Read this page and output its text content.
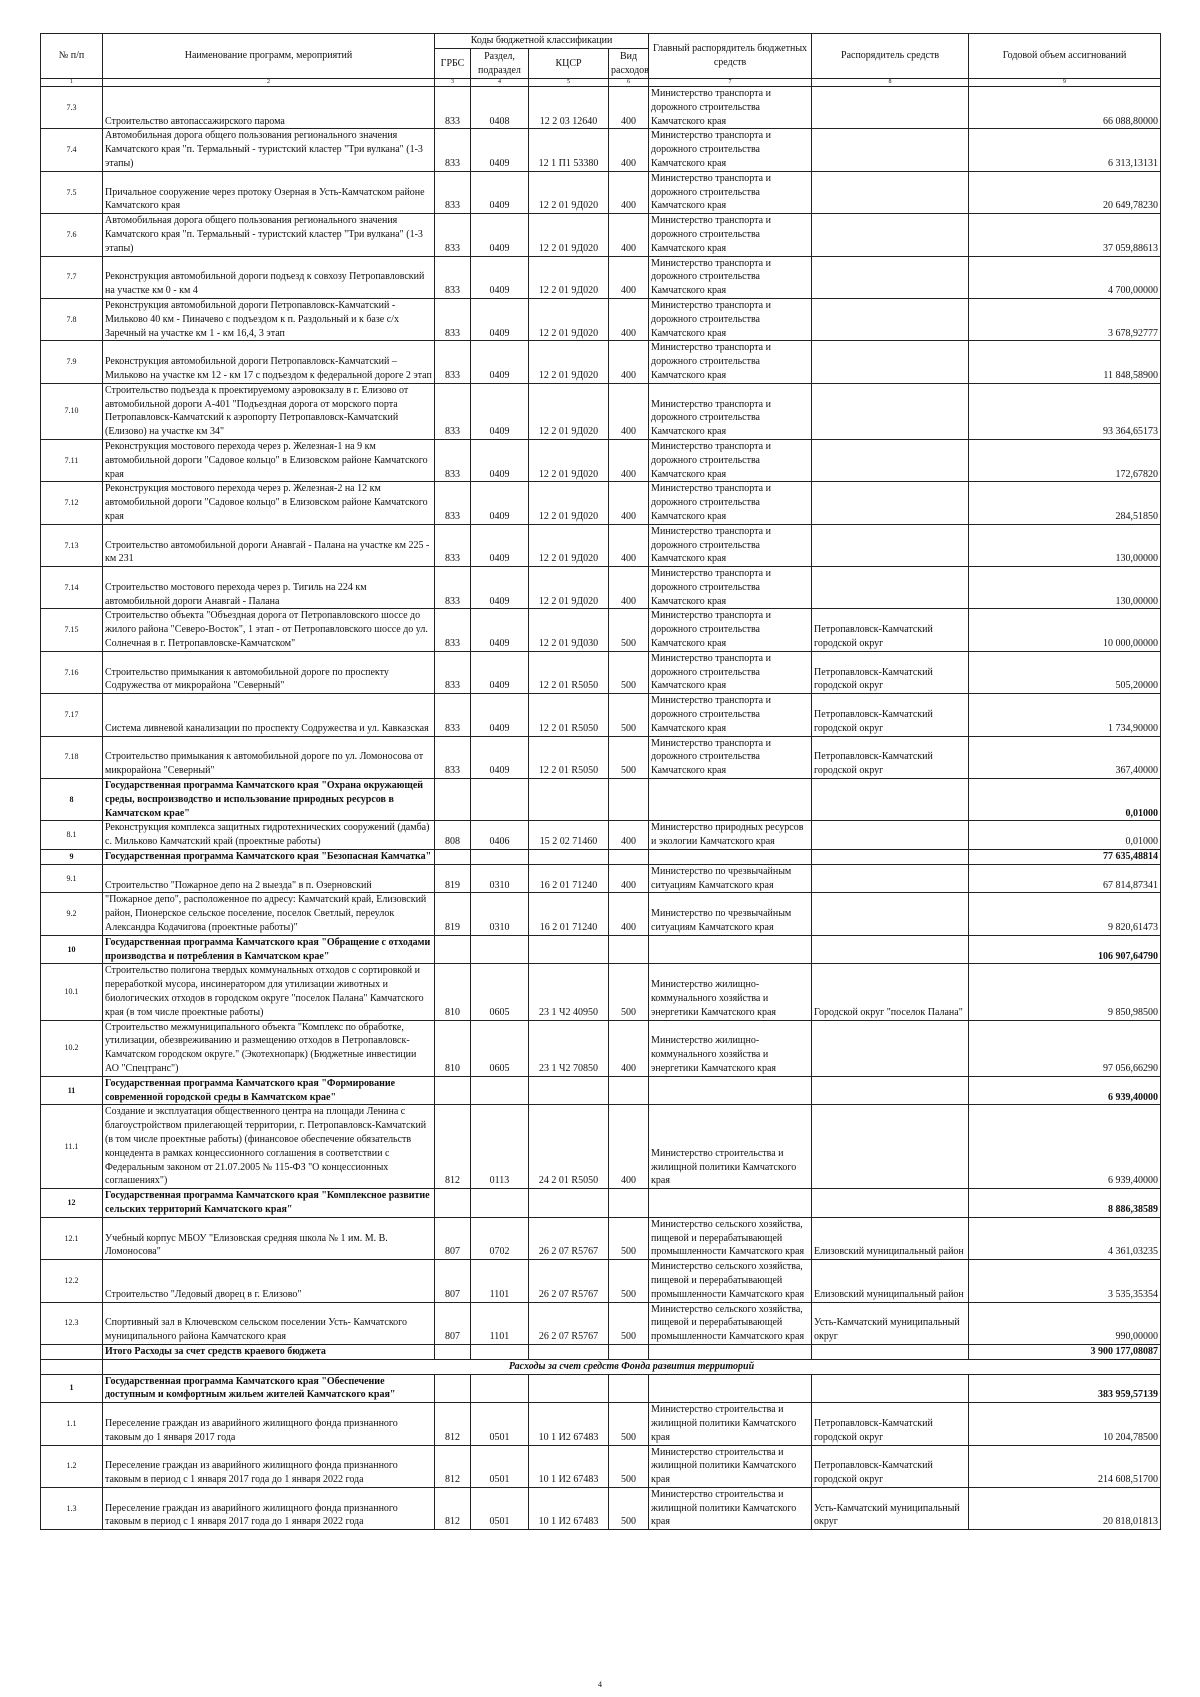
№ п/п	Наименование программ, мероприятий	Коды бюджетной классификации				Главный распорядитель бюджетных средств	Распорядитель средств	Годовой объем ассигнований
		ГРБС	Раздел, подраздел	КЦСР	Вид расходов			
1	2	3	4	5	6	7	8	9
7.3	Строительство автопассажирского парома	833	0408	12 2 03 12640	400	Министерство транспорта и дорожного строительства Камчатского края		66 088,80000
7.4	Автомобильная дорога общего пользования регионального значения Камчатского края "п. Термальный - туристский кластер "Три вулкана" (1-3 этапы)	833	0409	12 1 П1 53380	400	Министерство транспорта и дорожного строительства Камчатского края		6 313,13131
7.5	Причальное сооружение через протоку Озерная в Усть-Камчатском районе Камчатского края	833	0409	12 2 01 9Д020	400	Министерство транспорта и дорожного строительства Камчатского края		20 649,78230
7.6	Автомобильная дорога общего пользования регионального значения Камчатского края "п. Термальный - туристский кластер "Три вулкана" (1-3 этапы)	833	0409	12 2 01 9Д020	400	Министерство транспорта и дорожного строительства Камчатского края		37 059,88613
7.7	Реконструкция автомобильной дороги подъезд к совхозу Петропавловский на участке км 0 - км 4	833	0409	12 2 01 9Д020	400	Министерство транспорта и дорожного строительства Камчатского края		4 700,00000
7.8	Реконструкция автомобильной дороги Петропавловск-Камчатский - Мильково 40 км - Пиначево с подъездом к п. Раздольный и к базе с/х Заречный на участке км 1 - км 16,4, 3 этап	833	0409	12 2 01 9Д020	400	Министерство транспорта и дорожного строительства Камчатского края		3 678,92777
7.9	Реконструкция автомобильной дороги Петропавловск-Камчатский – Мильково на участке км 12 - км 17 с подъездом к федеральной дороге 2 этап	833	0409	12 2 01 9Д020	400	Министерство транспорта и дорожного строительства Камчатского края		11 848,58900
7.10	Строительство подъезда к проектируемому аэровокзалу в г. Елизово от автомобильной дороги А-401 "Подъездная дорога от морского порта Петропавловск-Камчатский к аэропорту Петропавловск-Камчатский (Елизово) на участке км 34"	833	0409	12 2 01 9Д020	400	Министерство транспорта и дорожного строительства Камчатского края		93 364,65173
7.11	Реконструкция мостового перехода через р. Железная-1 на 9 км автомобильной дороги "Садовое кольцо" в Елизовском районе Камчатского края	833	0409	12 2 01 9Д020	400	Министерство транспорта и дорожного строительства Камчатского края		172,67820
7.12	Реконструкция мостового перехода через р. Железная-2 на 12 км автомобильной дороги "Садовое кольцо" в Елизовском районе Камчатского края	833	0409	12 2 01 9Д020	400	Министерство транспорта и дорожного строительства Камчатского края		284,51850
7.13	Строительство автомобильной дороги Анавгай - Палана на участке км 225 - км 231	833	0409	12 2 01 9Д020	400	Министерство транспорта и дорожного строительства Камчатского края		130,00000
7.14	Строительство мостового перехода через р. Тигиль на 224 км автомобильной дороги Анавгай - Палана	833	0409	12 2 01 9Д020	400	Министерство транспорта и дорожного строительства Камчатского края		130,00000
7.15	Строительство объекта "Объездная дорога от Петропавловского шоссе до жилого района "Северо-Восток", 1 этап - от Петропавловского шоссе до ул. Солнечная в г. Петропавловске-Камчатском"	833	0409	12 2 01 9Д030	500	Министерство транспорта и дорожного строительства Камчатского края	Петропавловск-Камчатский городской округ	10 000,00000
7.16	Строительство примыкания к автомобильной дороге по проспекту Содружества от микрорайона "Северный"	833	0409	12 2 01 R5050	500	Министерство транспорта и дорожного строительства Камчатского края	Петропавловск-Камчатский городской округ	505,20000
7.17	Система ливневой канализации по проспекту Содружества и ул. Кавказская	833	0409	12 2 01 R5050	500	Министерство транспорта и дорожного строительства Камчатского края	Петропавловск-Камчатский городской округ	1 734,90000
7.18	Строительство примыкания к автомобильной дороге по ул. Ломоносова от микрорайона "Северный"	833	0409	12 2 01 R5050	500	Министерство транспорта и дорожного строительства Камчатского края	Петропавловск-Камчатский городской округ	367,40000
8	Государственная программа Камчатского края "Охрана окружающей среды, воспроизводство и использование природных ресурсов в Камчатском крае"							0,01000
8.1	Реконструкция комплекса защитных гидротехнических сооружений (дамба) с. Мильково Камчатский край (проектные работы)	808	0406	15 2 02 71460	400	Министерство природных ресурсов и экологии Камчатского края		0,01000
9	Государственная программа Камчатского края "Безопасная Камчатка"							77 635,48814
9.1	Строительство "Пожарное депо на 2 выезда" в п. Озерновский	819	0310	16 2 01 71240	400	Министерство по чрезвычайным ситуациям Камчатского края		67 814,87341
9.2	"Пожарное депо", расположенное по адресу: Камчатский край, Елизовский район, Пионерское сельское поселение, поселок Светлый, переулок Александра Кодачигова (проектные работы)"	819	0310	16 2 01 71240	400	Министерство по чрезвычайным ситуациям Камчатского края		9 820,61473
10	Государственная программа Камчатского края "Обращение с отходами производства и потребления в Камчатском крае"							106 907,64790
10.1	Строительство полигона твердых коммунальных отходов с сортировкой и переработкой мусора, инсинератором для утилизации животных и биологических отходов в городском округе "поселок Палана" Камчатского края (в том числе проектные работы)	810	0605	23 1 Ч2 40950	500	Министерство жилищно-коммунального хозяйства и энергетики Камчатского края	Городской округ "поселок Палана"	9 850,98500
10.2	Строительство межмуниципального объекта "Комплекс по обработке, утилизации, обезвреживанию и размещению отходов в Петропавловск-Камчатском городском округе." (Экотехнопарк) (Бюджетные инвестиции АО "Спецтранс")	810	0605	23 1 Ч2 70850	400	Министерство жилищно-коммунального хозяйства и энергетики Камчатского края		97 056,66290
11	Государственная программа Камчатского края "Формирование современной городской среды в Камчатском крае"							6 939,40000
11.1	Создание и эксплуатация общественного центра на площади Ленина с благоустройством прилегающей территории, г. Петропавловск-Камчатский (в том числе проектные работы) (финансовое обеспечение обязательств концедента в рамках концессионного соглашения в соответствии с Федеральным законом от 21.07.2005 № 115-ФЗ "О концессионных соглашениях")	812	0113	24 2 01 R5050	400	Министерство строительства и жилищной политики Камчатского края		6 939,40000
12	Государственная программа Камчатского края "Комплексное развитие сельских территорий Камчатского края"							8 886,38589
12.1	Учебный корпус МБОУ "Елизовская средняя школа № 1 им. М. В. Ломоносова"	807	0702	26 2 07 R5767	500	Министерство сельского хозяйства, пищевой и перерабатывающей промышленности Камчатского края	Елизовский муниципальный район	4 361,03235
12.2	Строительство "Ледовый дворец в г. Елизово"	807	1101	26 2 07 R5767	500	Министерство сельского хозяйства, пищевой и перерабатывающей промышленности Камчатского края	Елизовский муниципальный район	3 535,35354
12.3	Спортивный зал в Ключевском сельском поселении Усть- Камчатского муниципального района Камчатского края	807	1101	26 2 07 R5767	500	Министерство сельского хозяйства, пищевой и перерабатывающей промышленности Камчатского края	Усть-Камчатский муниципальный округ	990,00000
	Итого Расходы за счет средств краевого бюджета							3 900 177,08087
	Расходы за счет средств Фонда развития территорий							
1	Государственная программа Камчатского края "Обеспечение доступным и комфортным жильем жителей Камчатского края"							383 959,57139
1.1	Переселение граждан из аварийного жилищного фонда признанного таковым до 1 января 2017 года	812	0501	10 1 И2 67483	500	Министерство строительства и жилищной политики Камчатского края	Петропавловск-Камчатский городской округ	10 204,78500
1.2	Переселение граждан из аварийного жилищного фонда признанного таковым в период с 1 января 2017 года до 1 января 2022 года	812	0501	10 1 И2 67483	500	Министерство строительства и жилищной политики Камчатского края	Петропавловск-Камчатский городской округ	214 608,51700
1.3	Переселение граждан из аварийного жилищного фонда признанного таковым в период с 1 января 2017 года до 1 января 2022 года	812	0501	10 1 И2 67483	500	Министерство строительства и жилищной политики Камчатского края	Усть-Камчатский муниципальный округ	20 818,01813
4
